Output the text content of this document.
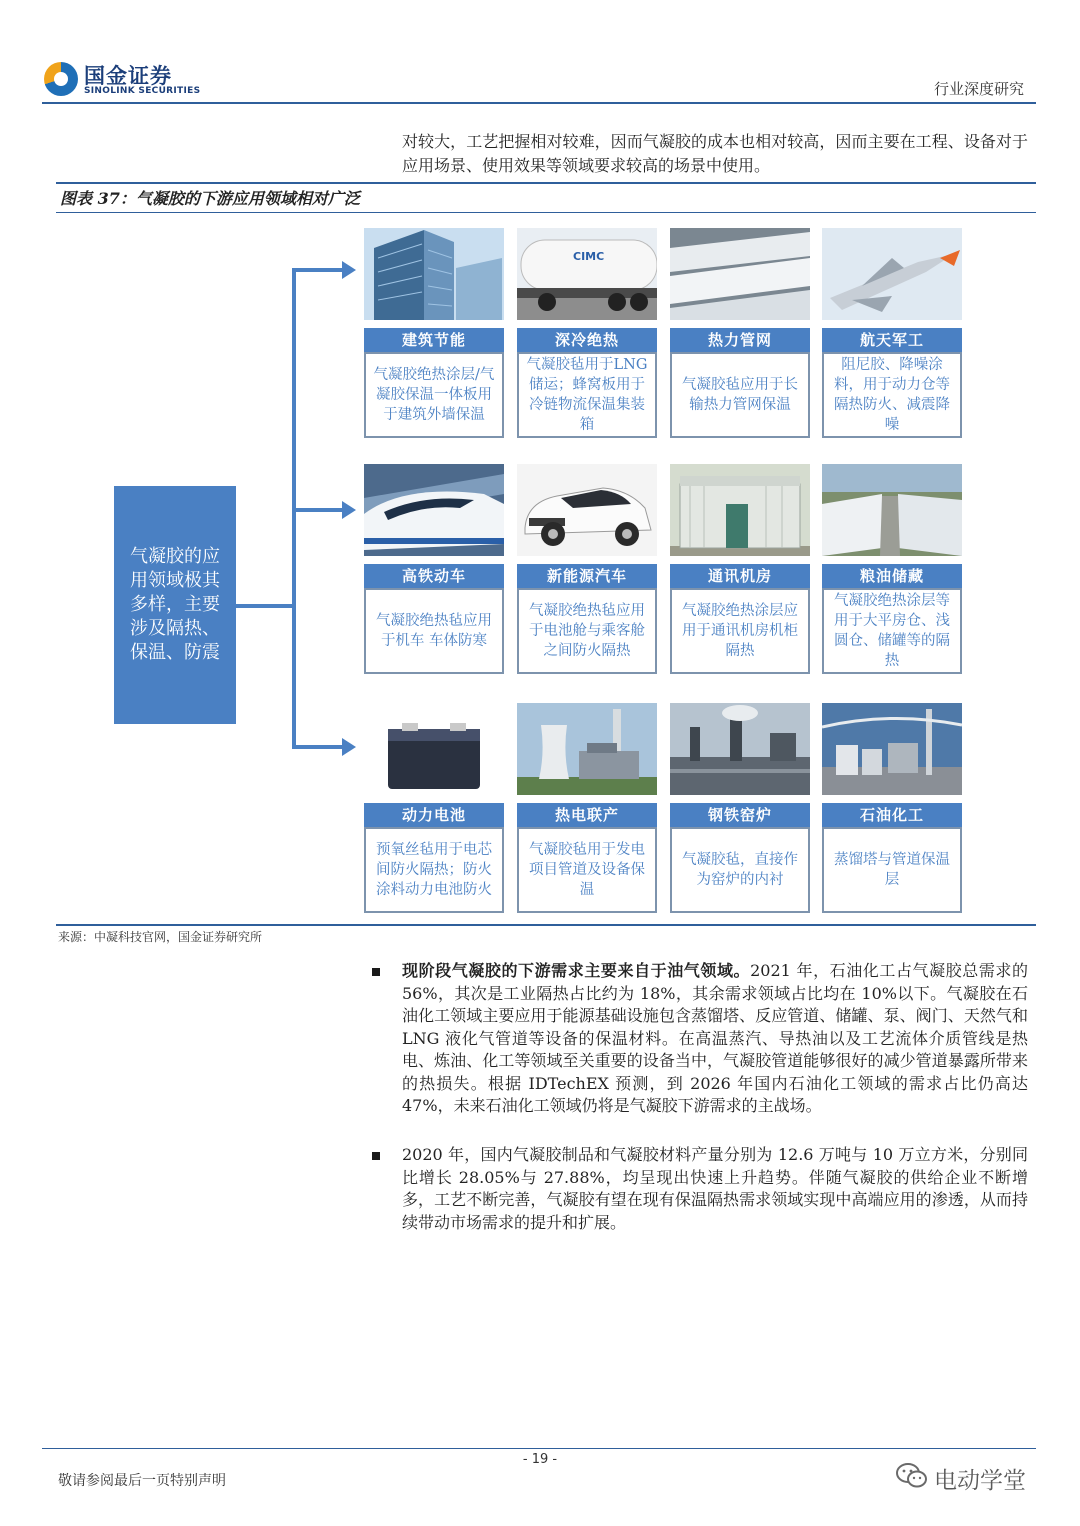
国金证券
SINOLINK SECURITIES	行业深度研究
对较大，工艺把握相对较难，因而气凝胶的成本也相对较高，因而主要在工程、设备对于应用场景、使用效果等领域要求较高的场景中使用。
图表 37：气凝胶的下游应用领域相对广泛
气凝胶的应用领域极其多样，主要涉及隔热、保温、防震
建筑节能
气凝胶绝热涂层/气凝胶保温一体板用于建筑外墙保温
CIMC
深冷绝热
气凝胶毡用于LNG储运；蜂窝板用于冷链物流保温集装箱
热力管网
气凝胶毡应用于长输热力管网保温
航天军工
阻尼胶、降噪涂料，用于动力仓等隔热防火、减震降噪
高铁动车
气凝胶绝热毡应用于机车 车体防寒
新能源汽车
气凝胶绝热毡应用于电池舱与乘客舱之间防火隔热
通讯机房
气凝胶绝热涂层应用于通讯机房机柜隔热
粮油储藏
气凝胶绝热涂层等用于大平房仓、浅圆仓、储罐等的隔热
动力电池
预氧丝毡用于电芯间防火隔热；防火涂料动力电池防火
热电联产
气凝胶毡用于发电项目管道及设备保温
钢铁窑炉
气凝胶毡，直接作为窑炉的内衬
石油化工
蒸馏塔与管道保温层
来源：中凝科技官网，国金证券研究所
现阶段气凝胶的下游需求主要来自于油气领域。2021 年，石油化工占气凝胶总需求的 56%，其次是工业隔热占比约为 18%，其余需求领域占比均在 10%以下。气凝胶在石油化工领域主要应用于能源基础设施包含蒸馏塔、反应管道、储罐、泵、阀门、天然气和 LNG 液化气管道等设备的保温材料。在高温蒸汽、导热油以及工艺流体介质管线是热电、炼油、化工等领域至关重要的设备当中，气凝胶管道能够很好的减少管道暴露所带来的热损失。根据 IDTechEX 预测，到 2026 年国内石油化工领域的需求占比仍高达 47%，未来石油化工领域仍将是气凝胶下游需求的主战场。
2020 年，国内气凝胶制品和气凝胶材料产量分别为 12.6 万吨与 10 万立方米，分别同比增长 28.05%与 27.88%，均呈现出快速上升趋势。伴随气凝胶的供给企业不断增多，工艺不断完善，气凝胶有望在现有保温隔热需求领域实现中高端应用的渗透，从而持续带动市场需求的提升和扩展。
- 19 -
敬请参阅最后一页特别声明	电动学堂
